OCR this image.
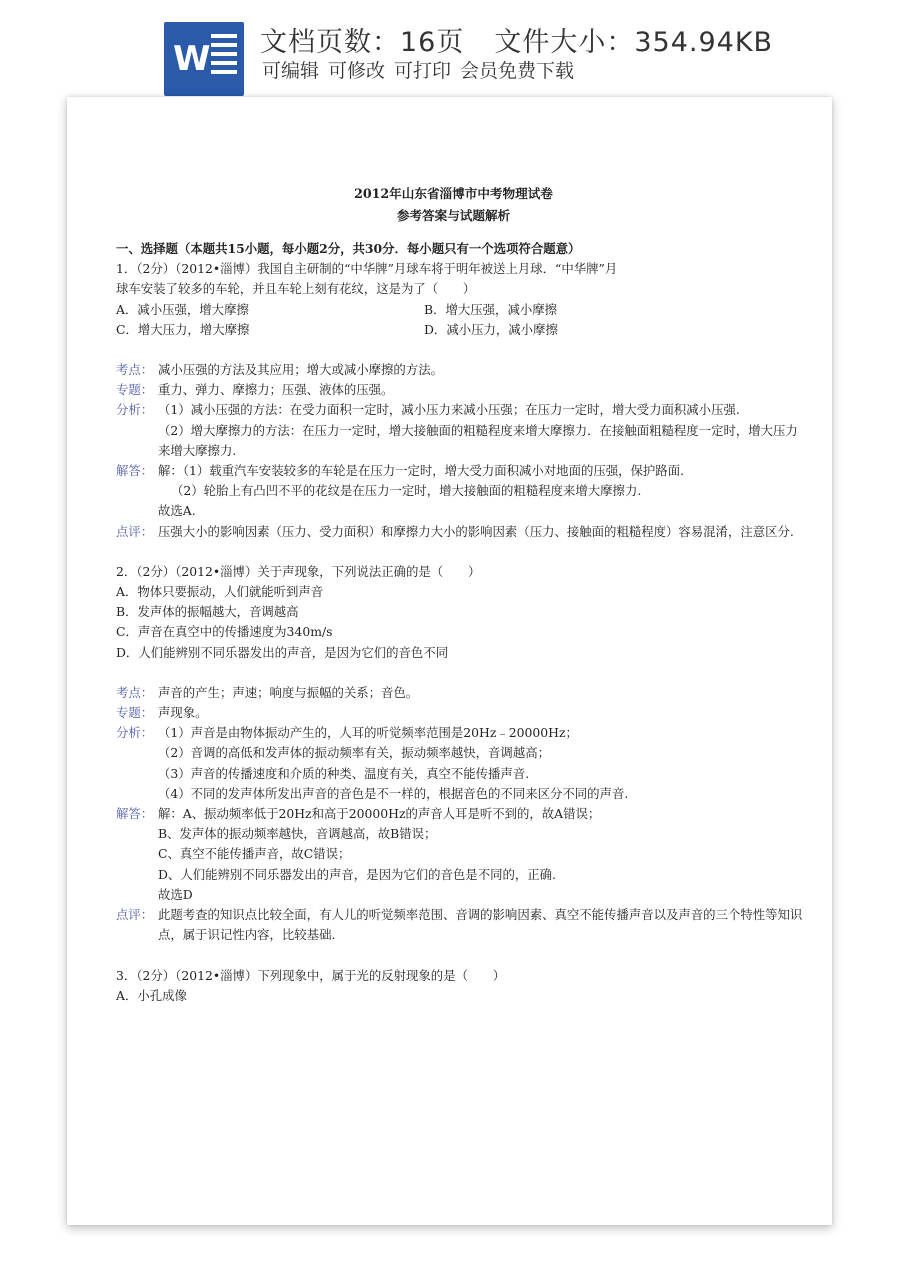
W 文档页数：16页 文件大小：354.94KB
可编辑 可修改 可打印 会员免费下载
2012年山东省淄博市中考物理试卷
参考答案与试题解析
一、选择题（本题共15小题，每小题2分，共30分．每小题只有一个选项符合题意）
1．（2分）（2012•淄博）我国自主研制的“中华牌”月球车将于明年被送上月球．“中华牌”月
球车安装了较多的车轮，并且车轮上刻有花纹，这是为了（　　）
A．减小压强，增大摩擦	B．增大压强，减小摩擦
C．增大压力，增大摩擦	D．减小压力，减小摩擦
考点： 减小压强的方法及其应用；增大或减小摩擦的方法。
专题： 重力、弹力、摩擦力；压强、液体的压强。
分析： （1）减小压强的方法：在受力面积一定时，减小压力来减小压强；在压力一定时，增大受力面积减小压强.
（2）增大摩擦力的方法：在压力一定时，增大接触面的粗糙程度来增大摩擦力．在接触面粗糙程度一定时，增大压力来增大摩擦力.
解答： 解：（1）载重汽车安装较多的车轮是在压力一定时，增大受力面积减小对地面的压强，保护路面.
（2）轮胎上有凸凹不平的花纹是在压力一定时，增大接触面的粗糙程度来增大摩擦力.
故选A.
点评： 压强大小的影响因素（压力、受力面积）和摩擦力大小的影响因素（压力、接触面的粗糙程度）容易混淆，注意区分.
2．（2分）（2012•淄博）关于声现象，下列说法正确的是（　　）
A．物体只要振动，人们就能听到声音
B．发声体的振幅越大，音调越高
C．声音在真空中的传播速度为340m/s
D．人们能辨别不同乐器发出的声音，是因为它们的音色不同
考点： 声音的产生；声速；响度与振幅的关系；音色。
专题： 声现象。
分析： （1）声音是由物体振动产生的，人耳的听觉频率范围是20Hz﹣20000Hz；
（2）音调的高低和发声体的振动频率有关，振动频率越快，音调越高；
（3）声音的传播速度和介质的种类、温度有关，真空不能传播声音.
（4）不同的发声体所发出声音的音色是不一样的，根据音色的不同来区分不同的声音.
解答： 解：A、振动频率低于20Hz和高于20000Hz的声音人耳是听不到的，故A错误；
B、发声体的振动频率越快，音调越高，故B错误；
C、真空不能传播声音，故C错误；
D、人们能辨别不同乐器发出的声音，是因为它们的音色是不同的，正确.
故选D
点评： 此题考查的知识点比较全面，有人儿的听觉频率范围、音调的影响因素、真空不能传播声音以及声音的三个特性等知识点，属于识记性内容，比较基础.
3．（2分）（2012•淄博）下列现象中，属于光的反射现象的是（　　）
A．小孔成像
